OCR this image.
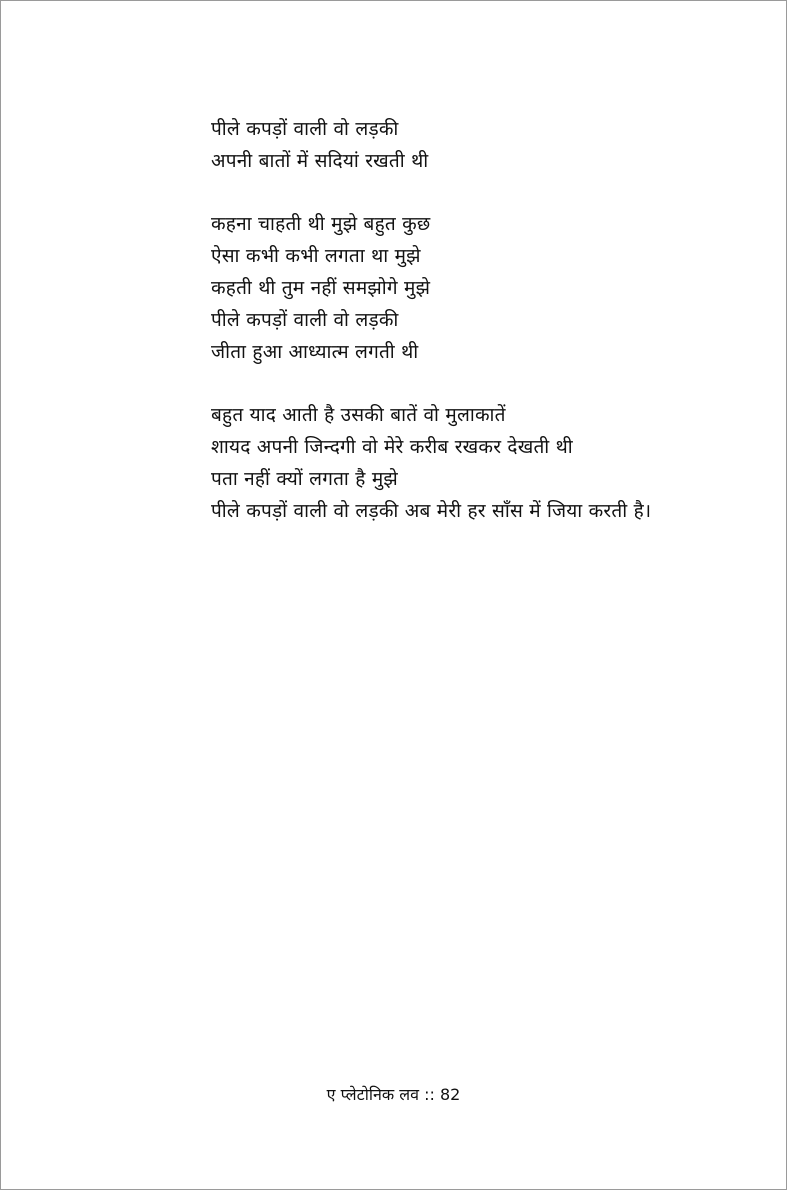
पीले कपड़ों वाली वो लड़की
अपनी बातों में सदियां रखती थी
कहना चाहती थी मुझे बहुत कुछ
ऐसा कभी कभी लगता था मुझे
कहती थी तुम नहीं समझोगे मुझे
पीले कपड़ों वाली वो लड़की
जीता हुआ आध्यात्म लगती थी
बहुत याद आती है उसकी बातें वो मुलाकातें
शायद अपनी जिन्दगी वो मेरे करीब रखकर देखती थी
पता नहीं क्यों लगता है मुझे
पीले कपड़ों वाली वो लड़की अब मेरी हर साँस में जिया करती है।
ए प्लेटोनिक लव :: 82
